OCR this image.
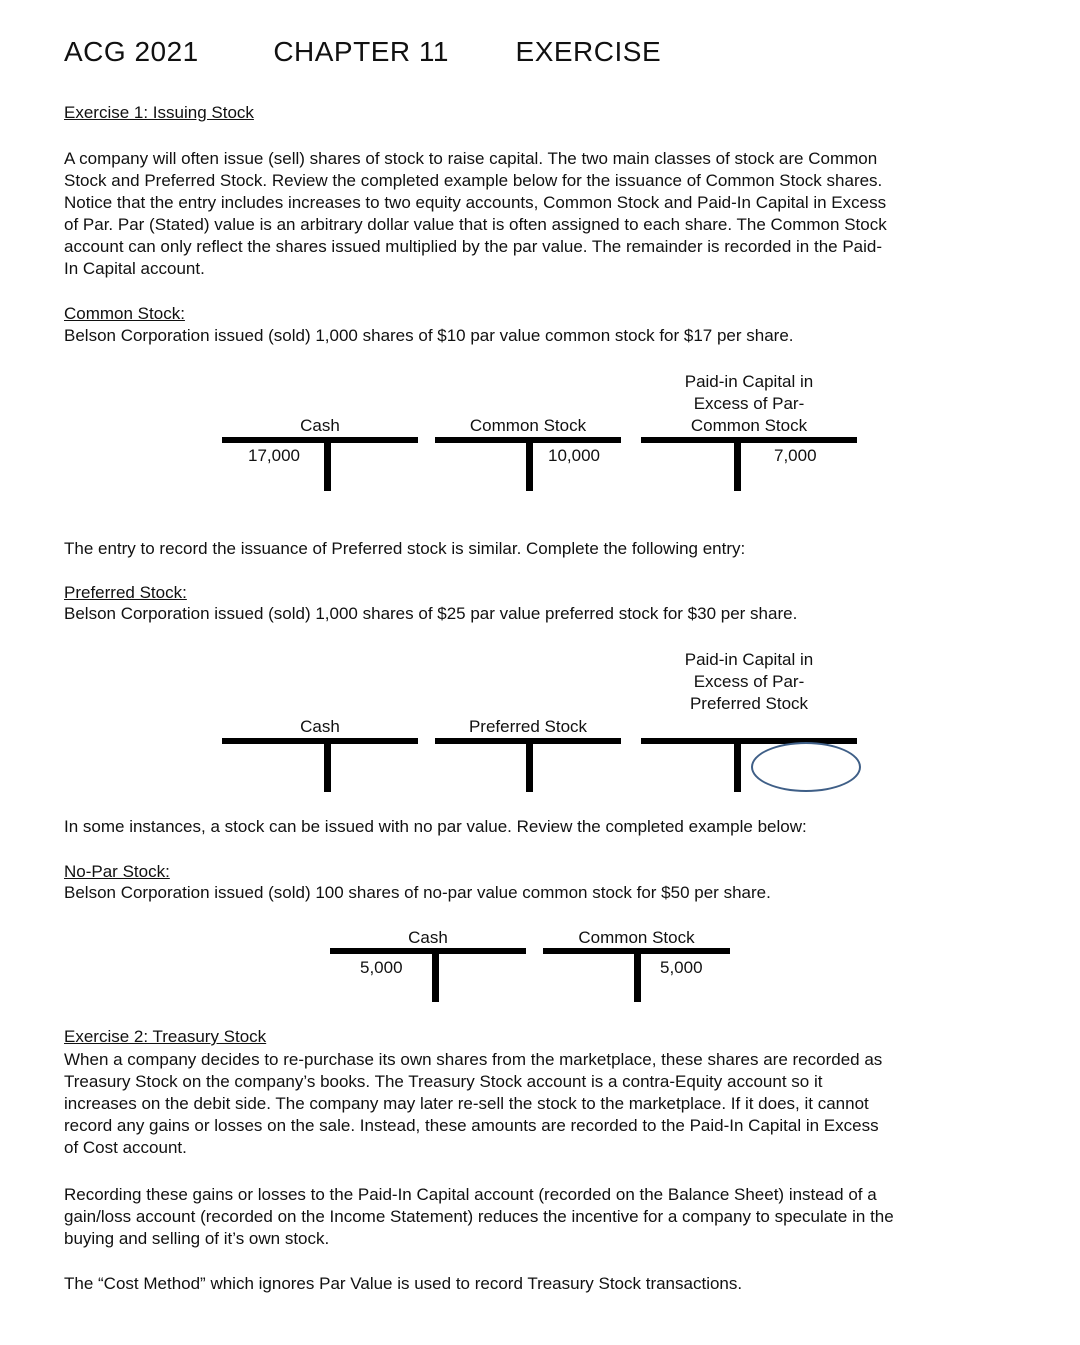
ACG 2021	CHAPTER 11 EXERCISE
Exercise 1: Issuing Stock
A company will often issue (sell) shares of stock to raise capital. The two main classes of stock are Common
Stock and Preferred Stock. Review the completed example below for the issuance of Common Stock shares.
Notice that the entry includes increases to two equity accounts, Common Stock and Paid-In Capital in Excess
of Par. Par (Stated) value is an arbitrary dollar value that is often assigned to each share. The Common Stock
account can only reflect the shares issued multiplied by the par value. The remainder is recorded in the Paid-
In Capital account.
Common Stock:
Belson Corporation issued (sold) 1,000 shares of $10 par value common stock for $17 per share.
Cash
17,000
Common Stock
10,000
Paid-in Capital in
Excess of Par-
Common Stock
7,000
The entry to record the issuance of Preferred stock is similar. Complete the following entry:
Preferred Stock:
Belson Corporation issued (sold) 1,000 shares of $25 par value preferred stock for $30 per share.
Cash	Preferred Stock
Paid-in Capital in
Excess of Par-
Preferred Stock
In some instances, a stock can be issued with no par value. Review the completed example below:
No-Par Stock:
Belson Corporation issued (sold) 100 shares of no-par value common stock for $50 per share.
Cash
5,000
Common Stock
5,000
Exercise 2: Treasury Stock
When a company decides to re-purchase its own shares from the marketplace, these shares are recorded as
Treasury Stock on the company’s books. The Treasury Stock account is a contra-Equity account so it
increases on the debit side. The company may later re-sell the stock to the marketplace. If it does, it cannot
record any gains or losses on the sale. Instead, these amounts are recorded to the Paid-In Capital in Excess
of Cost account.
Recording these gains or losses to the Paid-In Capital account (recorded on the Balance Sheet) instead of a
gain/loss account (recorded on the Income Statement) reduces the incentive for a company to speculate in the
buying and selling of it’s own stock.
The “Cost Method” which ignores Par Value is used to record Treasury Stock transactions.
